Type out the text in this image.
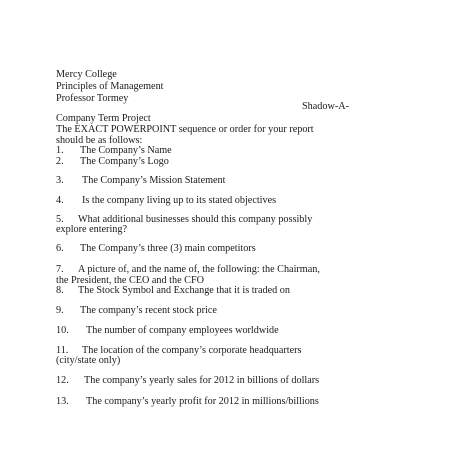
Mercy College
Principles of Management
Professor Tormey
Shadow-A-
Company Term Project
The EXACT POWERPOINT sequence or order for your report
should be as follows:
1. The Company’s Name
2. The Company’s Logo
3. The Company’s Mission Statement
4. Is the company living up to its stated objectives
5. What additional businesses should this company possibly
explore entering?
6. The Company’s three (3) main competitors
7. A picture of, and the name of, the following: the Chairman,
the President, the CEO and the CFO
8. The Stock Symbol and Exchange that it is traded on
9. The company’s recent stock price
10. The number of company employees worldwide
11. The location of the company’s corporate headquarters
(city/state only)
12. The company’s yearly sales for 2012 in billions of dollars
13. The company’s yearly profit for 2012 in millions/billions
